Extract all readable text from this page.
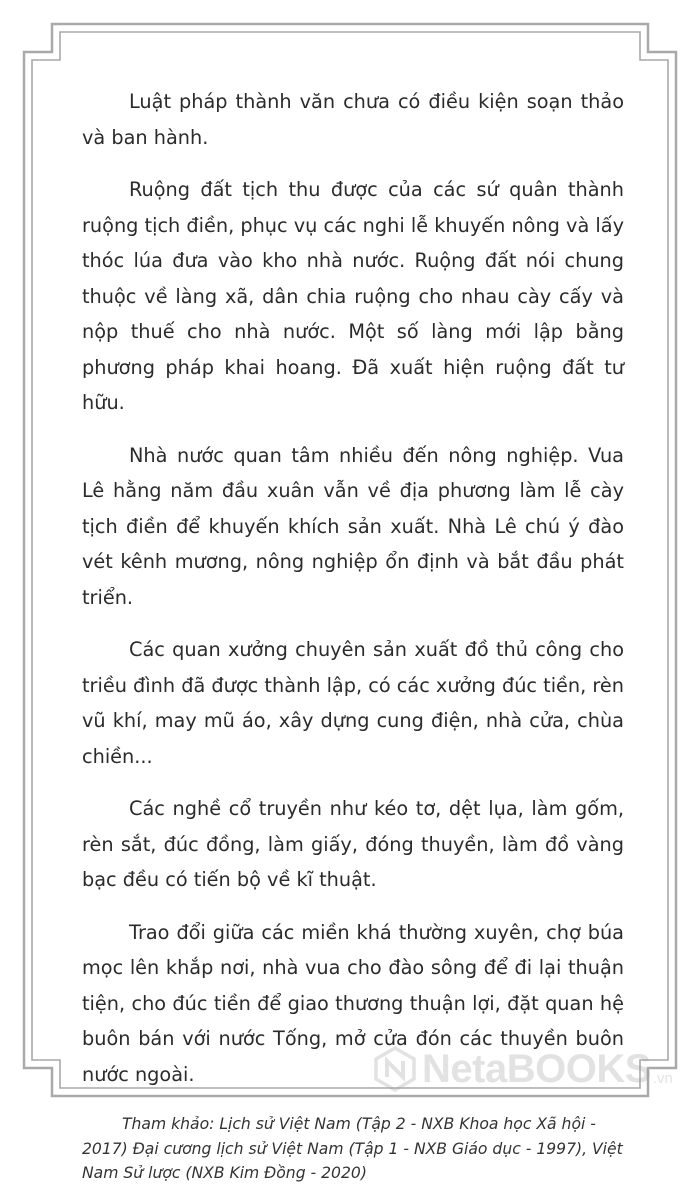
Luật pháp thành văn chưa có điều kiện soạn thảo và ban hành.

Ruộng đất tịch thu được của các sứ quân thành ruộng tịch điền, phục vụ các nghi lễ khuyến nông và lấy thóc lúa đưa vào kho nhà nước. Ruộng đất nói chung thuộc về làng xã, dân chia ruộng cho nhau cày cấy và nộp thuế cho nhà nước. Một số làng mới lập bằng phương pháp khai hoang. Đã xuất hiện ruộng đất tư hữu.

Nhà nước quan tâm nhiều đến nông nghiệp. Vua Lê hằng năm đầu xuân vẫn về địa phương làm lễ cày tịch điền để khuyến khích sản xuất. Nhà Lê chú ý đào vét kênh mương, nông nghiệp ổn định và bắt đầu phát triển.

Các quan xưởng chuyên sản xuất đồ thủ công cho triều đình đã được thành lập, có các xưởng đúc tiền, rèn vũ khí, may mũ áo, xây dựng cung điện, nhà cửa, chùa chiền...

Các nghề cổ truyền như kéo tơ, dệt lụa, làm gốm, rèn sắt, đúc đồng, làm giấy, đóng thuyền, làm đồ vàng bạc đều có tiến bộ về kĩ thuật.

Trao đổi giữa các miền khá thường xuyên, chợ búa mọc lên khắp nơi, nhà vua cho đào sông để đi lại thuận tiện, cho đúc tiền để giao thương thuận lợi, đặt quan hệ buôn bán với nước Tống, mở cửa đón các thuyền buôn nước ngoài.

Tham khảo: Lịch sử Việt Nam (Tập 2 - NXB Khoa học Xã hội - 2017) Đại cương lịch sử Việt Nam (Tập 1 - NXB Giáo dục - 1997), Việt Nam Sử lược (NXB Kim Đồng - 2020)

NetaBOOKS .vn
